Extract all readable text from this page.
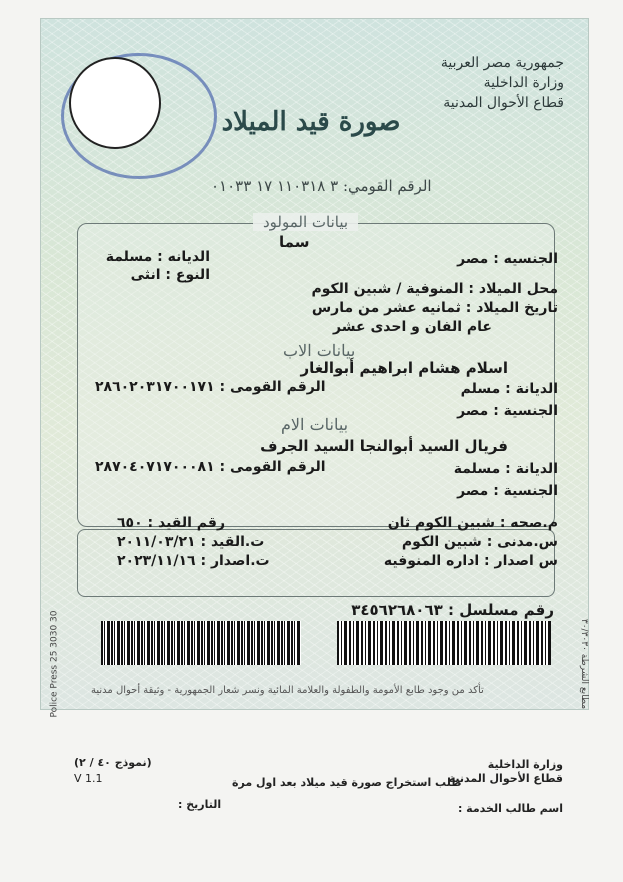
جمهورية مصر العربية
وزارة الداخلية
قطاع الأحوال المدنية
صورة قيد الميلاد
الرقم القومي: ٣ ١١٠٣١٨ ١٧ ٠١٠٣٣
بيانات المولود
سما
الديانه : مسلمة
النوع : انثى
الجنسيه : مصر
محل الميلاد : المنوفية / شبين الكوم
تاريخ الميلاد : ثمانيه عشر من مارس
عام الفان و احدى عشر
بيانات الاب
اسلام هشام ابراهيم أبوالغار
الديانة : مسلم
الرقم القومى : ٢٨٦٠٢٠٣١٧٠٠١٧١
الجنسية : مصر
بيانات الام
فريال السيد أبوالنجا السيد الجرف
الديانة : مسلمة
الرقم القومى : ٢٨٧٠٤٠٧١٧٠٠٠٨١
الجنسية : مصر
م.صحه : شبين الكوم ثان
س.مدنى : شبين الكوم
س اصدار : اداره المنوفيه
رقم القيد : ٦٥٠
ت.القيد : ٢٠١١/٠٣/٢١
ت.اصدار : ٢٠٢٣/١١/١٦
رقم مسلسل : ٣٤٥٦٢٦٨٠٦٣
Police Press 25 3030 30	مطابع الشرطة ٣٠/٣٠٣٠
تأكد من وجود طابع الأمومة والطفولة والعلامة المائية ونسر شعار الجمهورية - وثيقة أحوال مدنية
وزارة الداخلية
قطاع الأحوال المدنية
(نموذج ٤٠ / ٢)
V 1.1	طلب استخراج صورة قيد ميلاد بعد اول مرة
اسم طالب الخدمة :
التاريخ :
